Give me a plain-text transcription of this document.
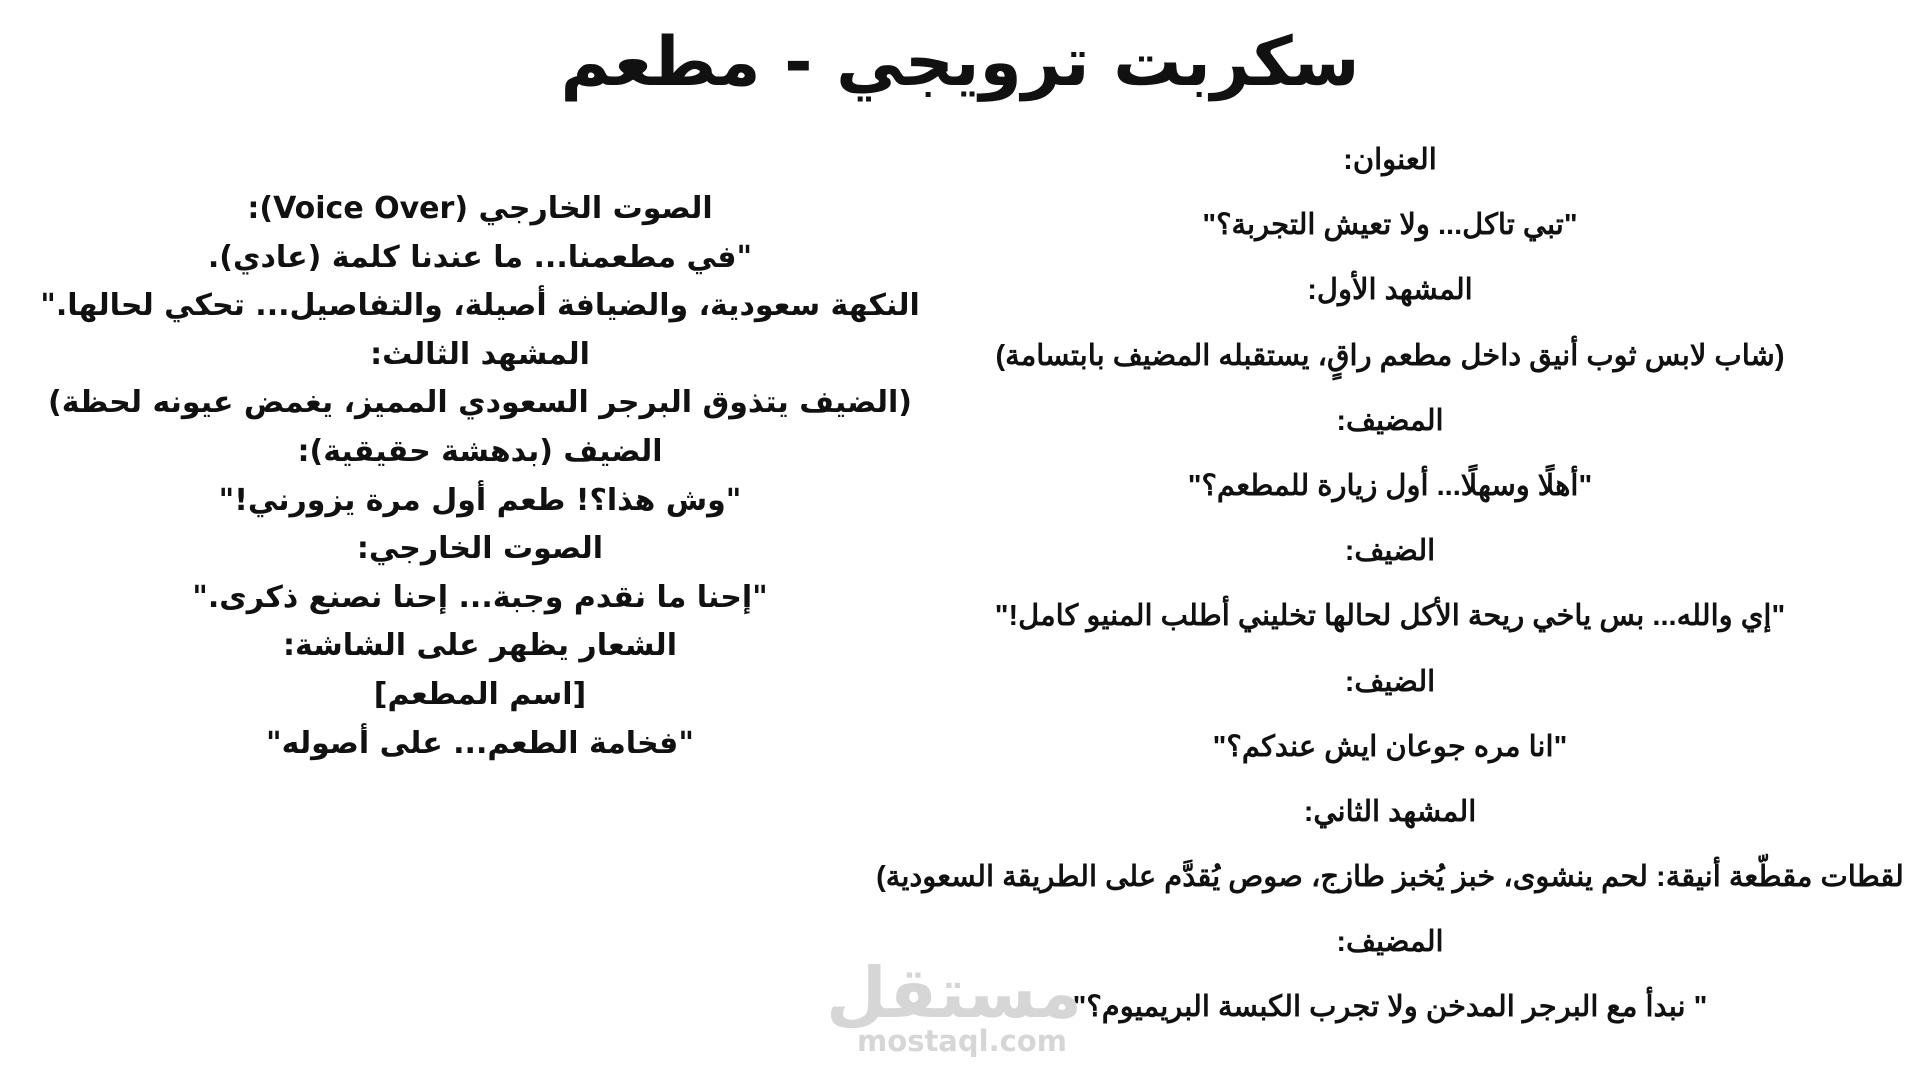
سكربت ترويجي - مطعم
العنوان:
"تبي تاكل... ولا تعيش التجربة؟"
المشهد الأول:
(شاب لابس ثوب أنيق داخل مطعم راقٍ، يستقبله المضيف بابتسامة)
المضيف:
"أهلًا وسهلًا... أول زيارة للمطعم؟"
الضيف:
"إي والله... بس ياخي ريحة الأكل لحالها تخليني أطلب المنيو كامل!"
الضيف:
"انا مره جوعان ايش عندكم؟"
المشهد الثاني:
لقطات مقطّعة أنيقة: لحم ينشوى، خبز يُخبز طازج، صوص يُقدَّم على الطريقة السعودية)
المضيف:
" نبدأ مع البرجر المدخن ولا تجرب الكبسة البريميوم؟"
الصوت الخارجي (Voice Over):
"في مطعمنا... ما عندنا كلمة (عادي).
النكهة سعودية، والضيافة أصيلة، والتفاصيل... تحكي لحالها."
المشهد الثالث:
(الضيف يتذوق البرجر السعودي المميز، يغمض عيونه لحظة)
الضيف (بدهشة حقيقية):
"وش هذا؟! طعم أول مرة يزورني!"
الصوت الخارجي:
"إحنا ما نقدم وجبة... إحنا نصنع ذكرى."
الشعار يظهر على الشاشة:
[اسم المطعم]
"فخامة الطعم... على أصوله"
مستقل
mostaql.com
